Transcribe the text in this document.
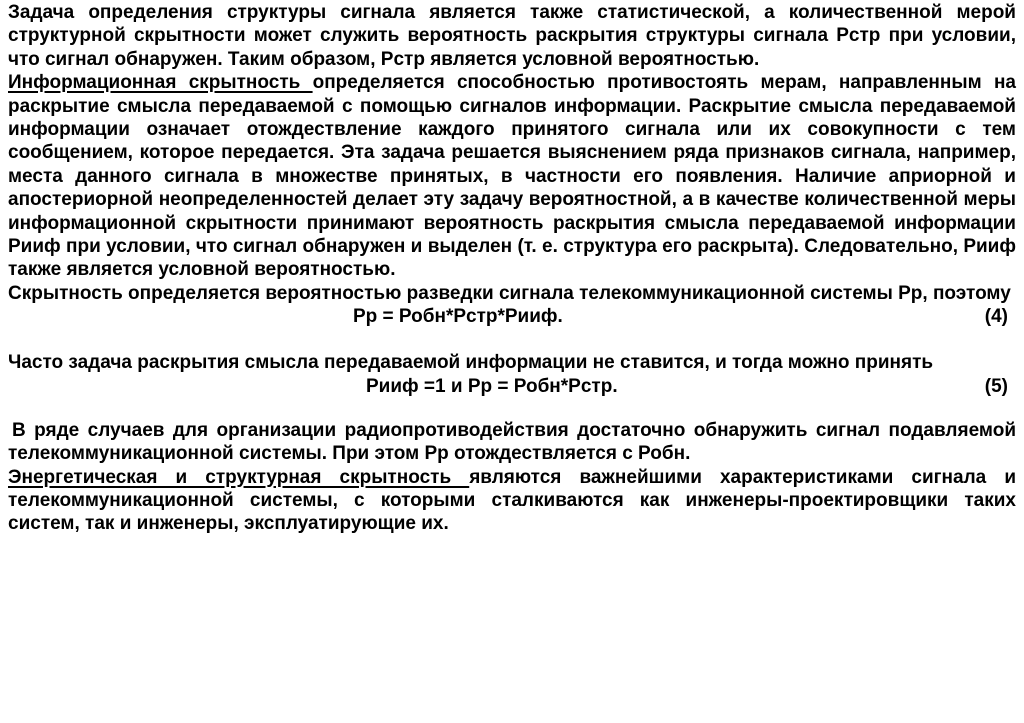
Задача определения структуры сигнала является также статистической, а количественной мерой структурной скрытности может служить вероятность раскрытия структуры сигнала Рстр при условии, что сигнал обнаружен. Таким образом, Рстр является условной вероятностью.

Информационная скрытность определяется способностью противостоять мерам, направленным на раскрытие смысла передаваемой с помощью сигналов информации. Раскрытие смысла передаваемой информации означает отождествление каждого принятого сигнала или их совокупности с тем сообщением, которое передается. Эта задача решается выяснением ряда признаков сигнала, например, места данного сигнала в множестве принятых, в частности его появления. Наличие априорной и апостериорной неопределенностей делает эту задачу вероятностной, а в качестве количественной меры информационной скрытности принимают вероятность раскрытия смысла передаваемой информации Рииф при условии, что сигнал обнаружен и выделен (т. е. структура его раскрыта). Следовательно, Рииф также является условной вероятностью.

Скрытность определяется вероятностью разведки сигнала телекоммуникационной системы Рр, поэтому

Рр = Робн*Рстр*Рииф.	(4)

Часто задача раскрытия смысла передаваемой информации не ставится, и тогда можно принять

Рииф =1 и Рр = Робн*Рстр.	(5)

В ряде случаев для организации радиопротиводействия достаточно обнаружить сигнал подавляемой телекоммуникационной системы. При этом Рр отождествляется с Робн.

Энергетическая и структурная скрытность являются важнейшими характеристиками сигнала и телекоммуникационной системы, с которыми сталкиваются как инженеры-проектировщики таких систем, так и инженеры, эксплуатирующие их.
